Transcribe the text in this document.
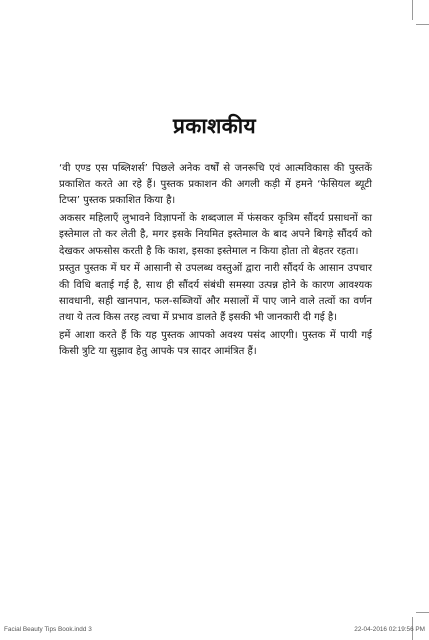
प्रकाशकीय

‘वी एण्ड एस पब्लिशर्स’ पिछले अनेक वर्षों से जनरूचि एवं आत्मविकास की पुस्तकें प्रकाशित करते आ रहे हैं। पुस्तक प्रकाशन की अगली कड़ी में हमने ‘फेसियल ब्यूटी टिप्स’ पुस्तक प्रकाशित किया है।

अकसर महिलाएँ लुभावने विज्ञापनों के शब्दजाल में फंसकर कृत्रिम सौंदर्य प्रसाधनों का इस्तेमाल तो कर लेती है, मगर इसके नियमित इस्तेमाल के बाद अपने बिगड़े सौंदर्य को देखकर अफसोस करती है कि काश, इसका इस्तेमाल न किया होता तो बेहतर रहता।

प्रस्तुत पुस्तक में घर में आसानी से उपलब्ध वस्तुओं द्वारा नारी सौंदर्य के आसान उपचार की विधि बताई गई है, साथ ही सौंदर्य संबंधी समस्या उत्पन्न होने के कारण आवश्यक सावधानी, सही खानपान, फल-सब्जियों और मसालों में पाए जाने वाले तत्वों का वर्णन तथा ये तत्व किस तरह त्वचा में प्रभाव डालते हैं इसकी भी जानकारी दी गई है।

हमें आशा करते हैं कि यह पुस्तक आपको अवश्य पसंद आएगी। पुस्तक में पायी गई किसी त्रुटि या सुझाव हेतु आपके पत्र सादर आमंत्रित हैं।

Facial Beauty Tips Book.indd 3	22-04-2016 02:19:56 PM
